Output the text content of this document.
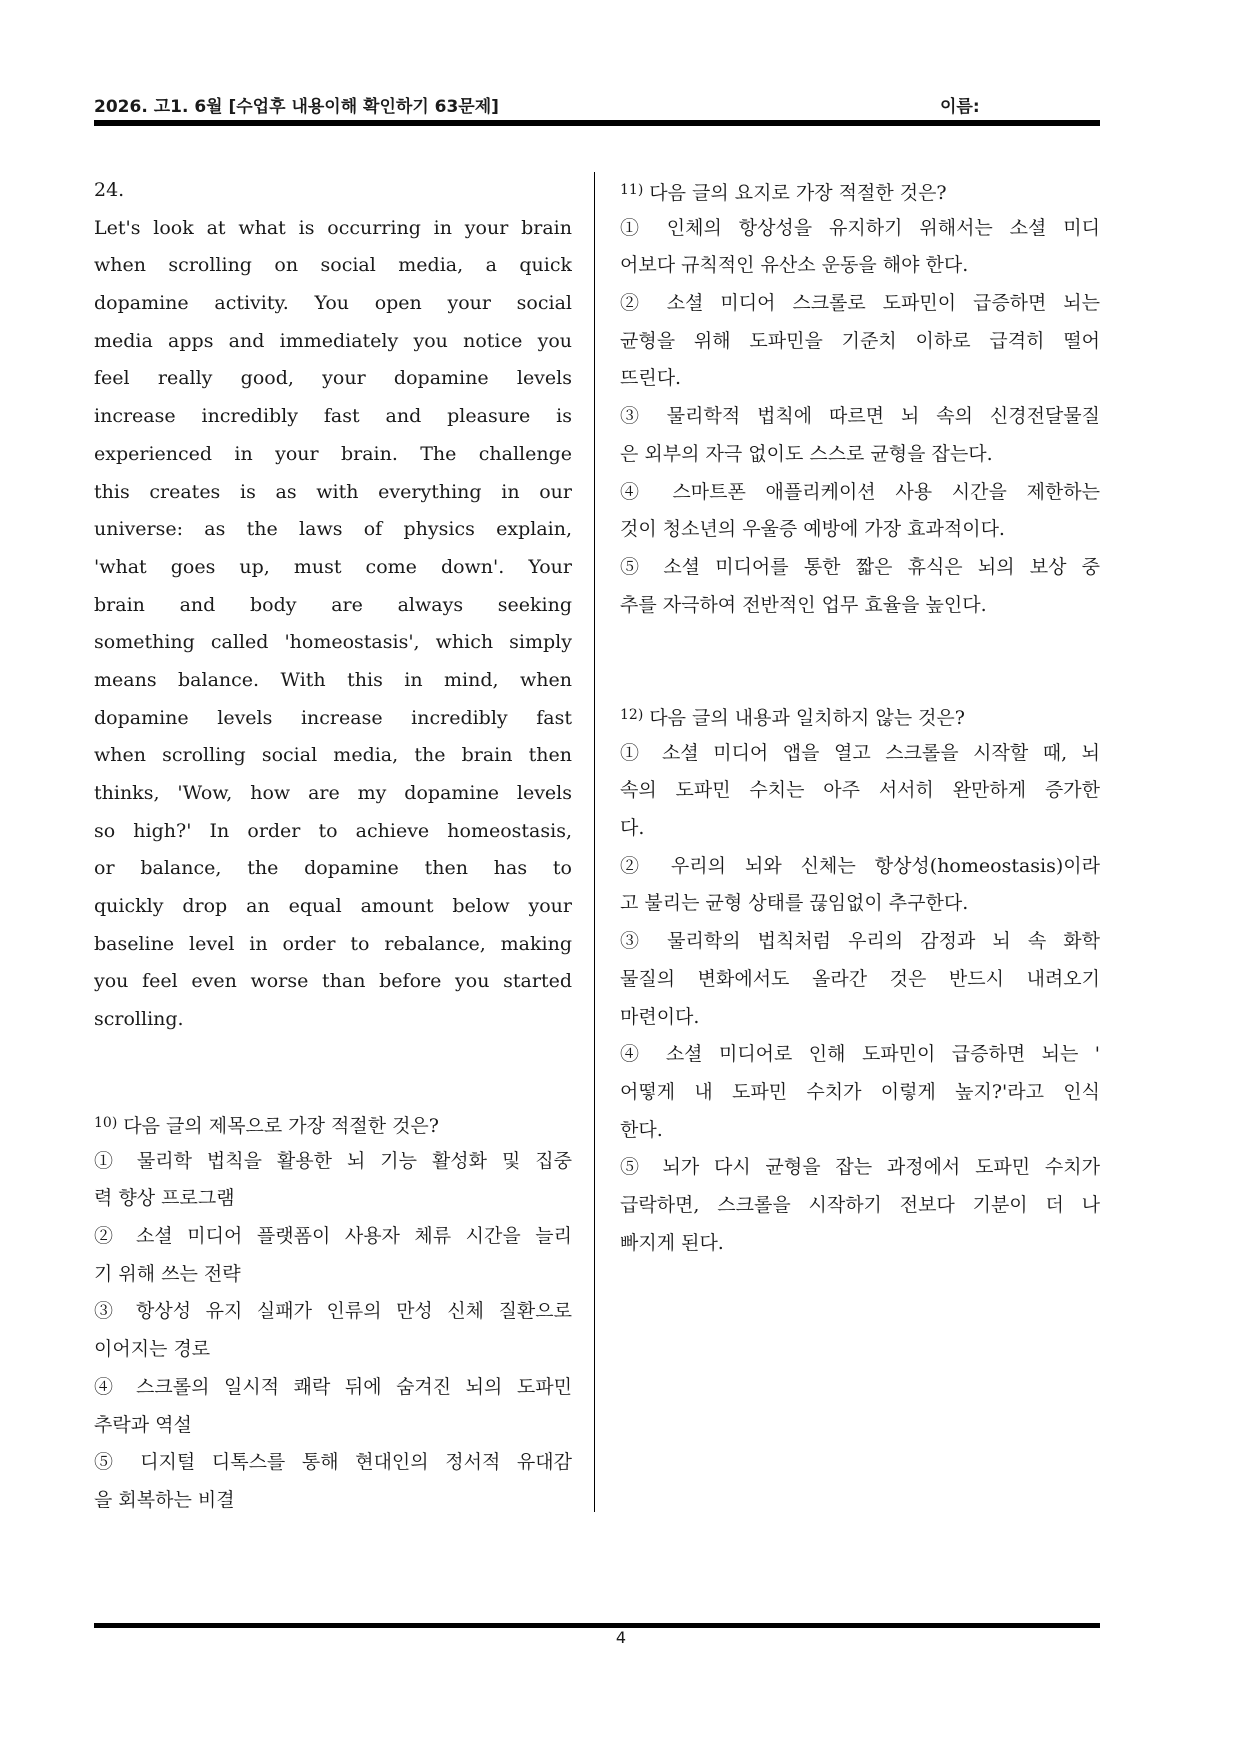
2026. 고1. 6월 [수업후 내용이해 확인하기 63문제]	이름:
24.
Let's look at what is occurring in your brain
when scrolling on social media, a quick
dopamine activity. You open your social
media apps and immediately you notice you
feel really good, your dopamine levels
increase incredibly fast and pleasure is
experienced in your brain. The challenge
this creates is as with everything in our
universe: as the laws of physics explain,
'what goes up, must come down'. Your
brain and body are always seeking
something called 'homeostasis', which simply
means balance. With this in mind, when
dopamine levels increase incredibly fast
when scrolling social media, the brain then
thinks, 'Wow, how are my dopamine levels
so high?' In order to achieve homeostasis,
or balance, the dopamine then has to
quickly drop an equal amount below your
baseline level in order to rebalance, making
you feel even worse than before you started
scrolling.
$^{10)}$ 다음 글의 제목으로 가장 적절한 것은?
① 물리학 법칙을 활용한 뇌 기능 활성화 및 집중
력 향상 프로그램
② 소셜 미디어 플랫폼이 사용자 체류 시간을 늘리
기 위해 쓰는 전략
③ 항상성 유지 실패가 인류의 만성 신체 질환으로
이어지는 경로
④ 스크롤의 일시적 쾌락 뒤에 숨겨진 뇌의 도파민
추락과 역설
⑤ 디지털 디톡스를 통해 현대인의 정서적 유대감
을 회복하는 비결
$^{11)}$ 다음 글의 요지로 가장 적절한 것은?
① 인체의 항상성을 유지하기 위해서는 소셜 미디
어보다 규칙적인 유산소 운동을 해야 한다.
② 소셜 미디어 스크롤로 도파민이 급증하면 뇌는
균형을 위해 도파민을 기준치 이하로 급격히 떨어
뜨린다.
③ 물리학적 법칙에 따르면 뇌 속의 신경전달물질
은 외부의 자극 없이도 스스로 균형을 잡는다.
④ 스마트폰 애플리케이션 사용 시간을 제한하는
것이 청소년의 우울증 예방에 가장 효과적이다.
⑤ 소셜 미디어를 통한 짧은 휴식은 뇌의 보상 중
추를 자극하여 전반적인 업무 효율을 높인다.
$^{12)}$ 다음 글의 내용과 일치하지 않는 것은?
① 소셜 미디어 앱을 열고 스크롤을 시작할 때, 뇌
속의 도파민 수치는 아주 서서히 완만하게 증가한
다.
② 우리의 뇌와 신체는 항상성(homeostasis)이라
고 불리는 균형 상태를 끊임없이 추구한다.
③ 물리학의 법칙처럼 우리의 감정과 뇌 속 화학
물질의 변화에서도 올라간 것은 반드시 내려오기
마련이다.
④ 소셜 미디어로 인해 도파민이 급증하면 뇌는 '
어떻게 내 도파민 수치가 이렇게 높지?'라고 인식
한다.
⑤ 뇌가 다시 균형을 잡는 과정에서 도파민 수치가
급락하면, 스크롤을 시작하기 전보다 기분이 더 나
빠지게 된다.
4
